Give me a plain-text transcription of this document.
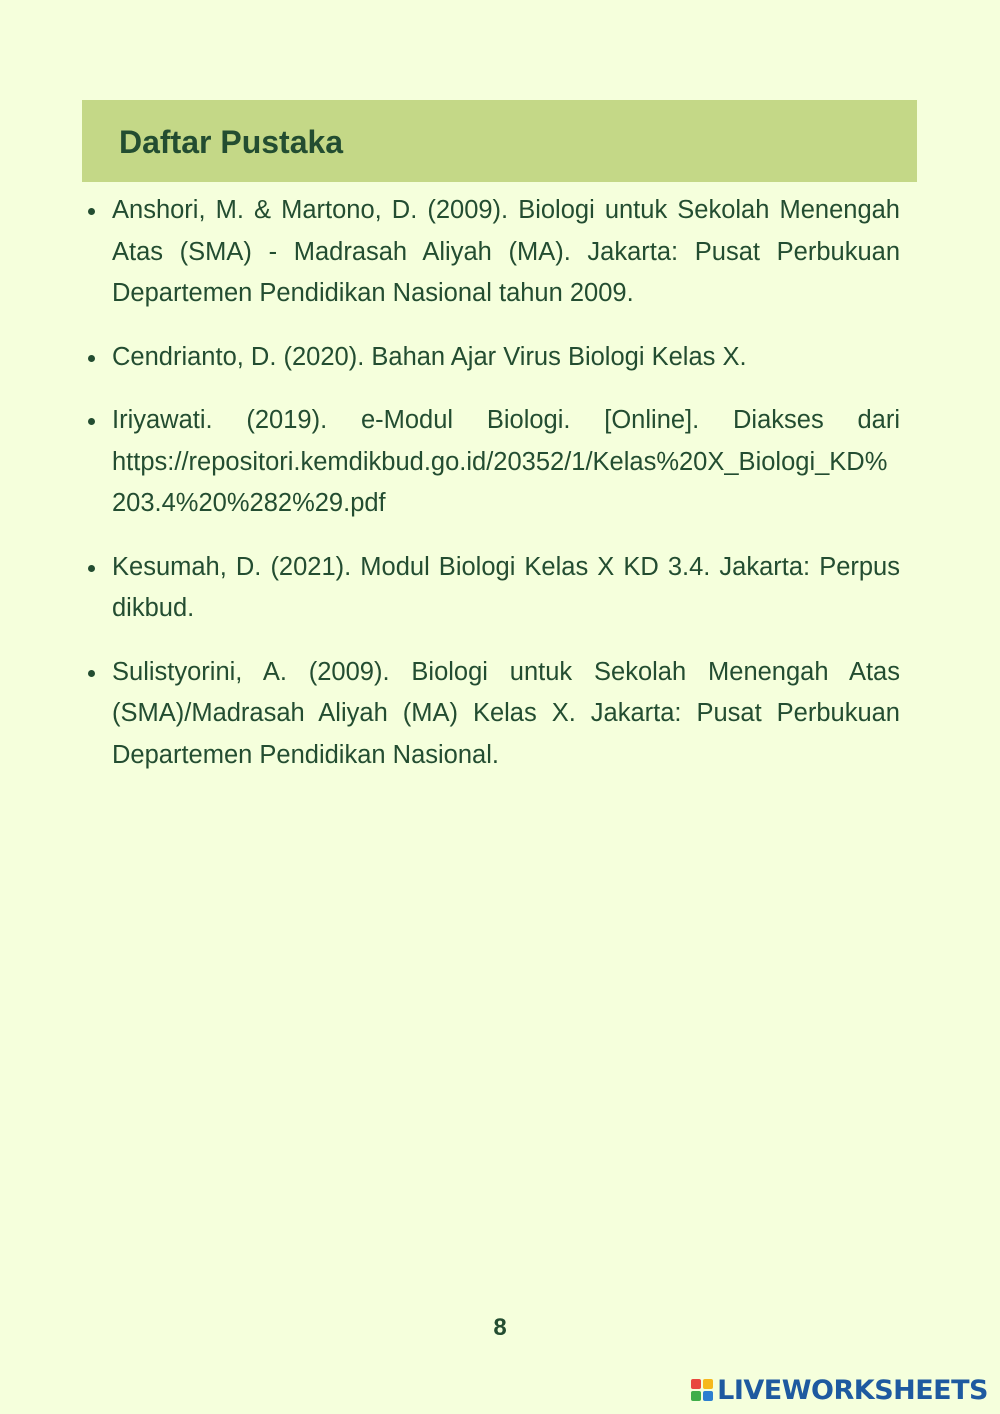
Daftar Pustaka
Anshori, M. & Martono, D. (2009). Biologi untuk Sekolah Menengah Atas (SMA) - Madrasah Aliyah (MA). Jakarta: Pusat Perbukuan Departemen Pendidikan Nasional tahun 2009.
Cendrianto, D. (2020). Bahan Ajar Virus Biologi Kelas X.
Iriyawati. (2019). e-Modul Biologi. [Online]. Diakses dari https://repositori.kemdikbud.go.id/20352/1/Kelas%20X_Biologi_KD%203.4%20%282%29.pdf
Kesumah, D. (2021). Modul Biologi Kelas X KD 3.4. Jakarta: Perpus dikbud.
Sulistyorini, A. (2009). Biologi untuk Sekolah Menengah Atas (SMA)/Madrasah Aliyah (MA) Kelas X. Jakarta: Pusat Perbukuan Departemen Pendidikan Nasional.
8
LIVEWORKSHEETS
